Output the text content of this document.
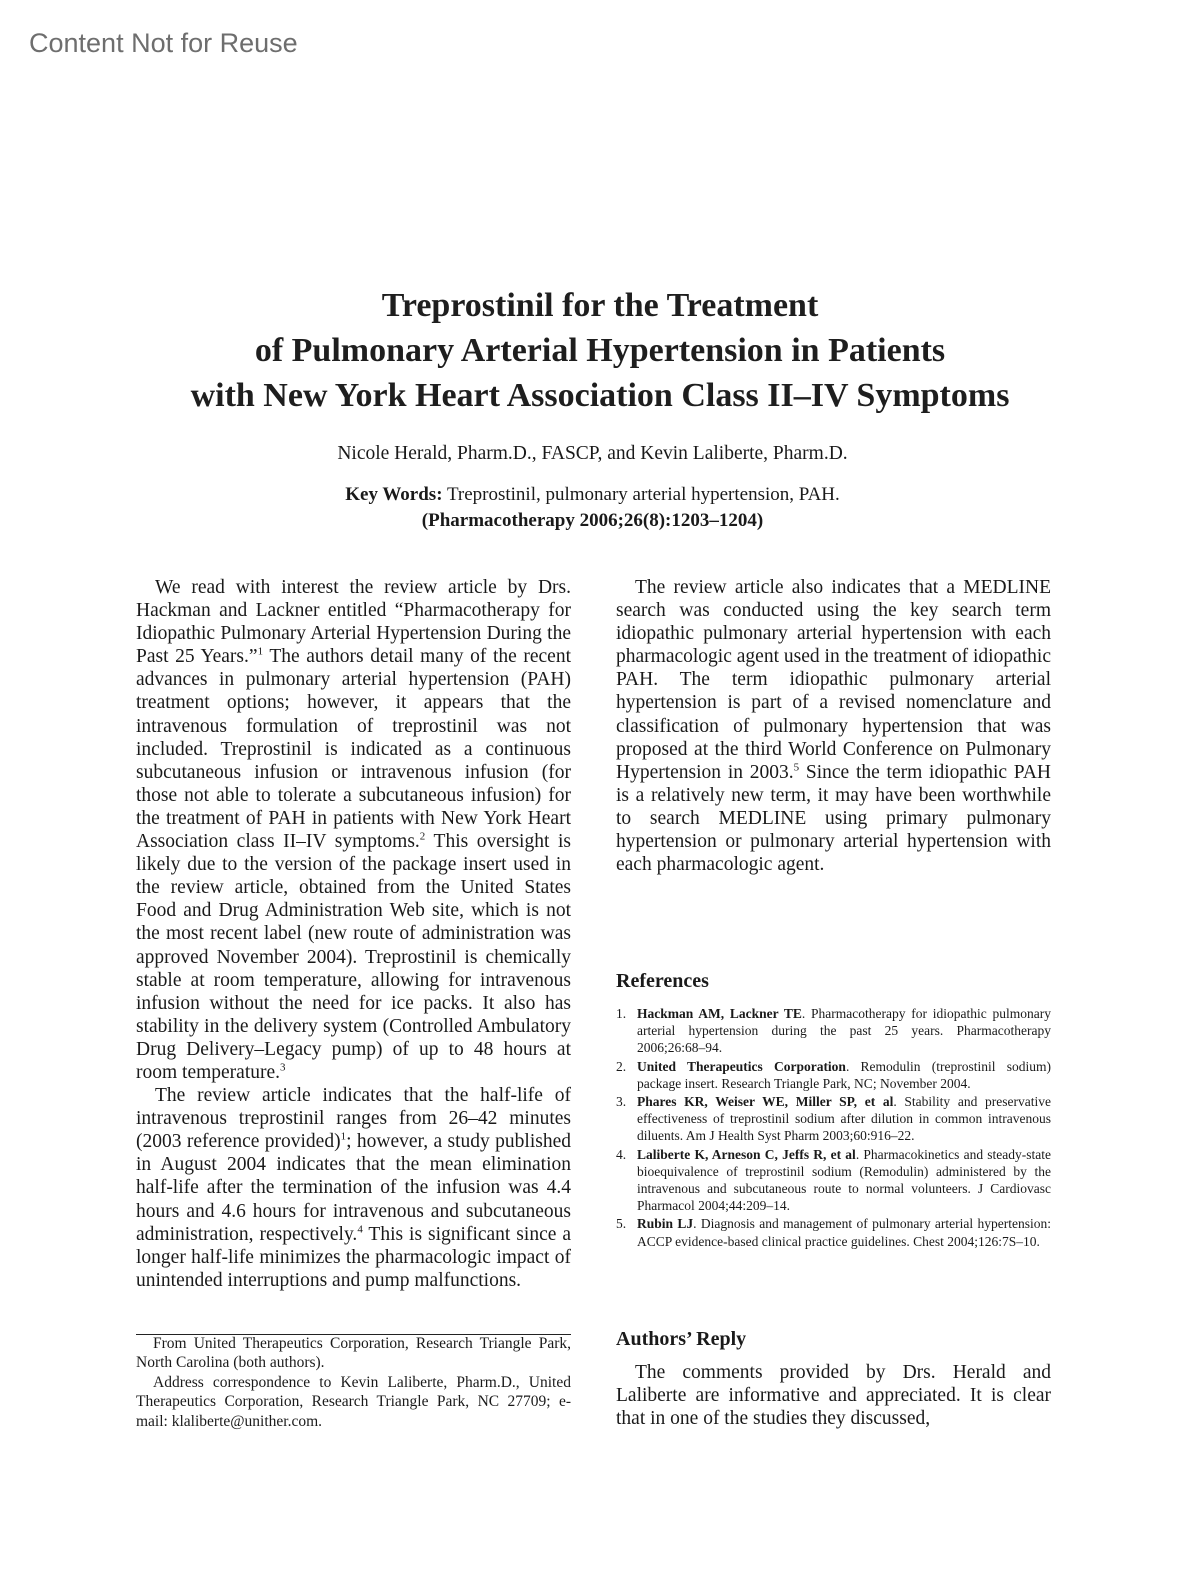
Content Not for Reuse
Treprostinil for the Treatment
of Pulmonary Arterial Hypertension in Patients
with New York Heart Association Class II–IV Symptoms
Nicole Herald, Pharm.D., FASCP, and Kevin Laliberte, Pharm.D.
Key Words: Treprostinil, pulmonary arterial hypertension, PAH.
(Pharmacotherapy 2006;26(8):1203–1204)

We read with interest the review article by Drs. Hackman and Lackner entitled “Pharmacotherapy for Idiopathic Pulmonary Arterial Hypertension During the Past 25 Years.”$^1$ The authors detail many of the recent advances in pulmonary arterial hypertension (PAH) treatment options; however, it appears that the intravenous formulation of treprostinil was not included. Treprostinil is indicated as a continuous subcutaneous infusion or intravenous infusion (for those not able to tolerate a subcutaneous infusion) for the treatment of PAH in patients with New York Heart Association class II–IV symptoms.$^2$ This oversight is likely due to the version of the package insert used in the review article, obtained from the United States Food and Drug Administration Web site, which is not the most recent label (new route of administration was approved November 2004). Treprostinil is chemically stable at room temperature, allowing for intravenous infusion without the need for ice packs. It also has stability in the delivery system (Controlled Ambulatory Drug Delivery–Legacy pump) of up to 48 hours at room temperature.$^3$

The review article indicates that the half-life of intravenous treprostinil ranges from 26–42 minutes (2003 reference provided)$^1$; however, a study published in August 2004 indicates that the mean elimination half-life after the termination of the infusion was 4.4 hours and 4.6 hours for intravenous and subcutaneous administration, respectively.$^4$ This is significant since a longer half-life minimizes the pharmacologic impact of unintended interruptions and pump malfunctions.

The review article also indicates that a MEDLINE search was conducted using the key search term idiopathic pulmonary arterial hypertension with each pharmacologic agent used in the treatment of idiopathic PAH. The term idiopathic pulmonary arterial hypertension is part of a revised nomenclature and classification of pulmonary hypertension that was proposed at the third World Conference on Pulmonary Hypertension in 2003.$^5$ Since the term idiopathic PAH is a relatively new term, it may have been worthwhile to search MEDLINE using primary pulmonary hypertension or pulmonary arterial hypertension with each pharmacologic agent.

From United Therapeutics Corporation, Research Triangle Park, North Carolina (both authors).

Address correspondence to Kevin Laliberte, Pharm.D., United Therapeutics Corporation, Research Triangle Park, NC 27709; e-mail: klaliberte@unither.com.

References
1. Hackman AM, Lackner TE. Pharmacotherapy for idiopathic pulmonary arterial hypertension during the past 25 years. Pharmacotherapy 2006;26:68–94.
2. United Therapeutics Corporation. Remodulin (treprostinil sodium) package insert. Research Triangle Park, NC; November 2004.
3. Phares KR, Weiser WE, Miller SP, et al. Stability and preservative effectiveness of treprostinil sodium after dilution in common intravenous diluents. Am J Health Syst Pharm 2003;60:916–22.
4. Laliberte K, Arneson C, Jeffs R, et al. Pharmacokinetics and steady-state bioequivalence of treprostinil sodium (Remodulin) administered by the intravenous and subcutaneous route to normal volunteers. J Cardiovasc Pharmacol 2004;44:209–14.
5. Rubin LJ. Diagnosis and management of pulmonary arterial hypertension: ACCP evidence-based clinical practice guidelines. Chest 2004;126:7S–10.
Authors’ Reply

The comments provided by Drs. Herald and Laliberte are informative and appreciated. It is clear that in one of the studies they discussed,
